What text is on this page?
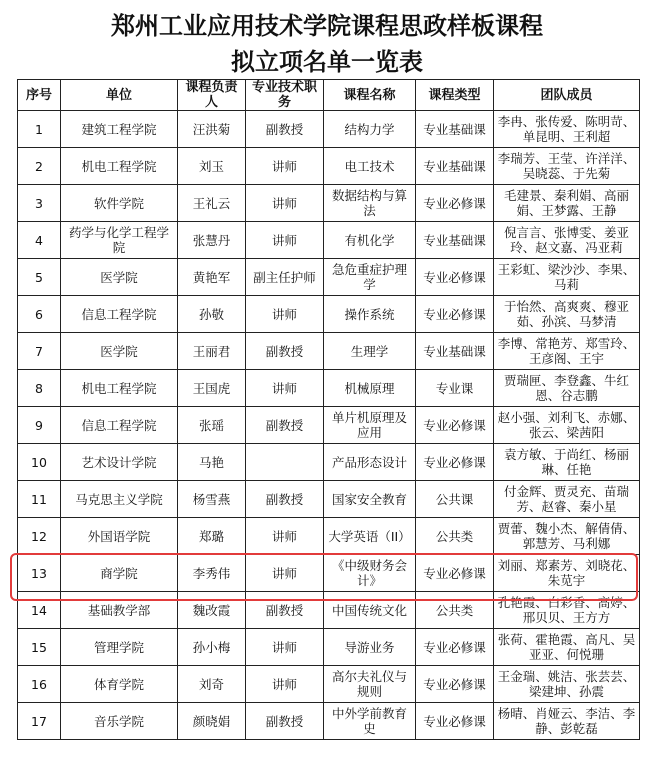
郑州工业应用技术学院课程思政样板课程
拟立项名单一览表
序号	单位	课程负责人	专业技术职务	课程名称	课程类型	团队成员
1	建筑工程学院	汪洪菊	副教授	结构力学	专业基础课	李冉、张传爱、陈明苛、单昆明、王利超
2	机电工程学院	刘玉	讲师	电工技术	专业基础课	李瑞芳、王莹、许洋洋、吴晓蕊、于先菊
3	软件学院	王礼云	讲师	数据结构与算法	专业必修课	毛建景、秦利娟、高丽娟、王梦露、王静
4	药学与化学工程学院	张慧丹	讲师	有机化学	专业基础课	倪言言、张博雯、姜亚玲、赵文嘉、冯亚莉
5	医学院	黄艳军	副主任护师	急危重症护理学	专业必修课	王彩虹、梁沙沙、李果、马莉
6	信息工程学院	孙敬	讲师	操作系统	专业必修课	于怡然、高爽爽、穆亚茹、孙滨、马梦清
7	医学院	王丽君	副教授	生理学	专业基础课	李博、常艳芳、郑雪玲、王彦阁、王宇
8	机电工程学院	王国虎	讲师	机械原理	专业课	贾瑞匣、李登鑫、牛红恩、谷志鹏
9	信息工程学院	张瑶	副教授	单片机原理及应用	专业必修课	赵小强、刘利飞、赤娜、张云、梁茜阳
10	艺术设计学院	马艳		产品形态设计	专业必修课	袁方敏、于尚红、杨丽琳、任艳
11	马克思主义学院	杨雪燕	副教授	国家安全教育	公共课	付金辉、贾灵充、苗瑞芳、赵睿、秦小星
12	外国语学院	郑璐	讲师	大学英语（II）	公共类	贾蕾、魏小杰、解倩倩、郭慧芳、马利娜
13	商学院	李秀伟	讲师	《中级财务会计》	专业必修课	刘丽、郑素芳、刘晓花、朱苋宇
14	基础教学部	魏改霞	副教授	中国传统文化	公共类	孔艳霞、白彩香、高婷、邢贝贝、王方方
15	管理学院	孙小梅	讲师	导游业务	专业必修课	张荷、霍艳霞、高凡、吴亚亚、何悦珊
16	体育学院	刘奇	讲师	高尔夫礼仪与规则	专业必修课	王金瑞、姚洁、张芸芸、梁建坤、孙震
17	音乐学院	颜晓娟	副教授	中外学前教育史	专业必修课	杨晴、肖娅云、李洁、李静、彭乾磊
